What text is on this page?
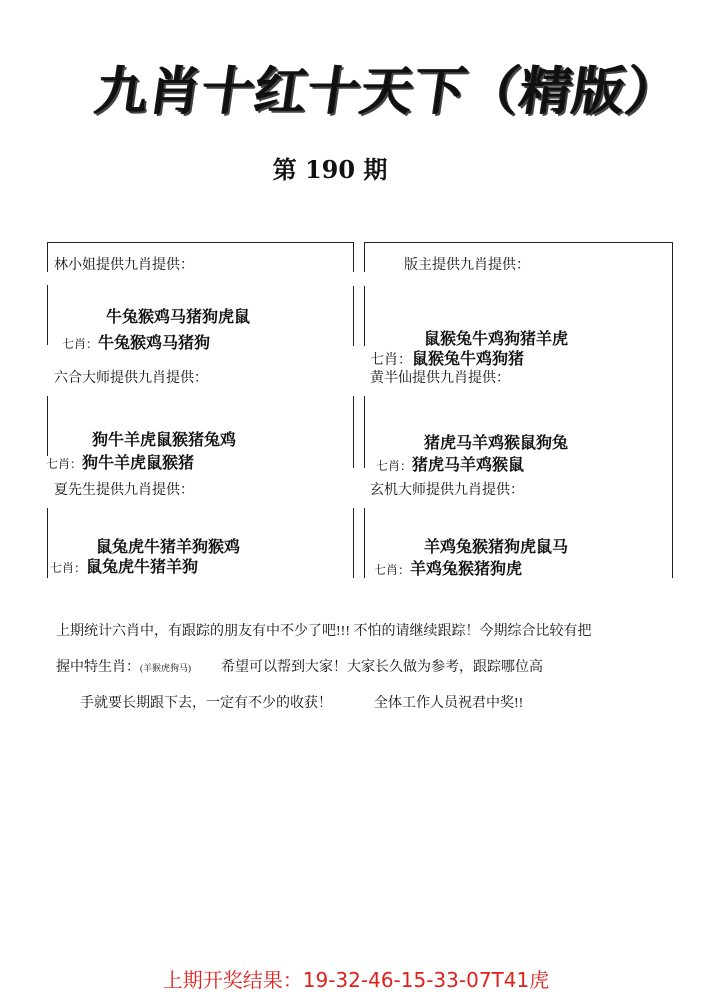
九肖十红十天下（精版）
第 190 期
林小姐提供九肖提供：
牛兔猴鸡马猪狗虎鼠
七肖：牛兔猴鸡马猪狗
版主提供九肖提供：
鼠猴兔牛鸡狗猪羊虎
七肖：鼠猴兔牛鸡狗猪
六合大师提供九肖提供：
狗牛羊虎鼠猴猪兔鸡
七肖：狗牛羊虎鼠猴猪
黄半仙提供九肖提供：
猪虎马羊鸡猴鼠狗兔
七肖：猪虎马羊鸡猴鼠
夏先生提供九肖提供：
鼠兔虎牛猪羊狗猴鸡
七肖：鼠兔虎牛猪羊狗
玄机大师提供九肖提供：
羊鸡兔猴猪狗虎鼠马
七肖：羊鸡兔猴猪狗虎
上期统计六肖中，有跟踪的朋友有中不少了吧!!! 不怕的请继续跟踪！今期综合比较有把
握中特生肖：(羊猴虎狗马) 希望可以帮到大家！大家长久做为参考，跟踪哪位高
手就要长期跟下去，一定有不少的收获！	全体工作人员祝君中奖!!
上期开奖结果：19-32-46-15-33-07T41虎
